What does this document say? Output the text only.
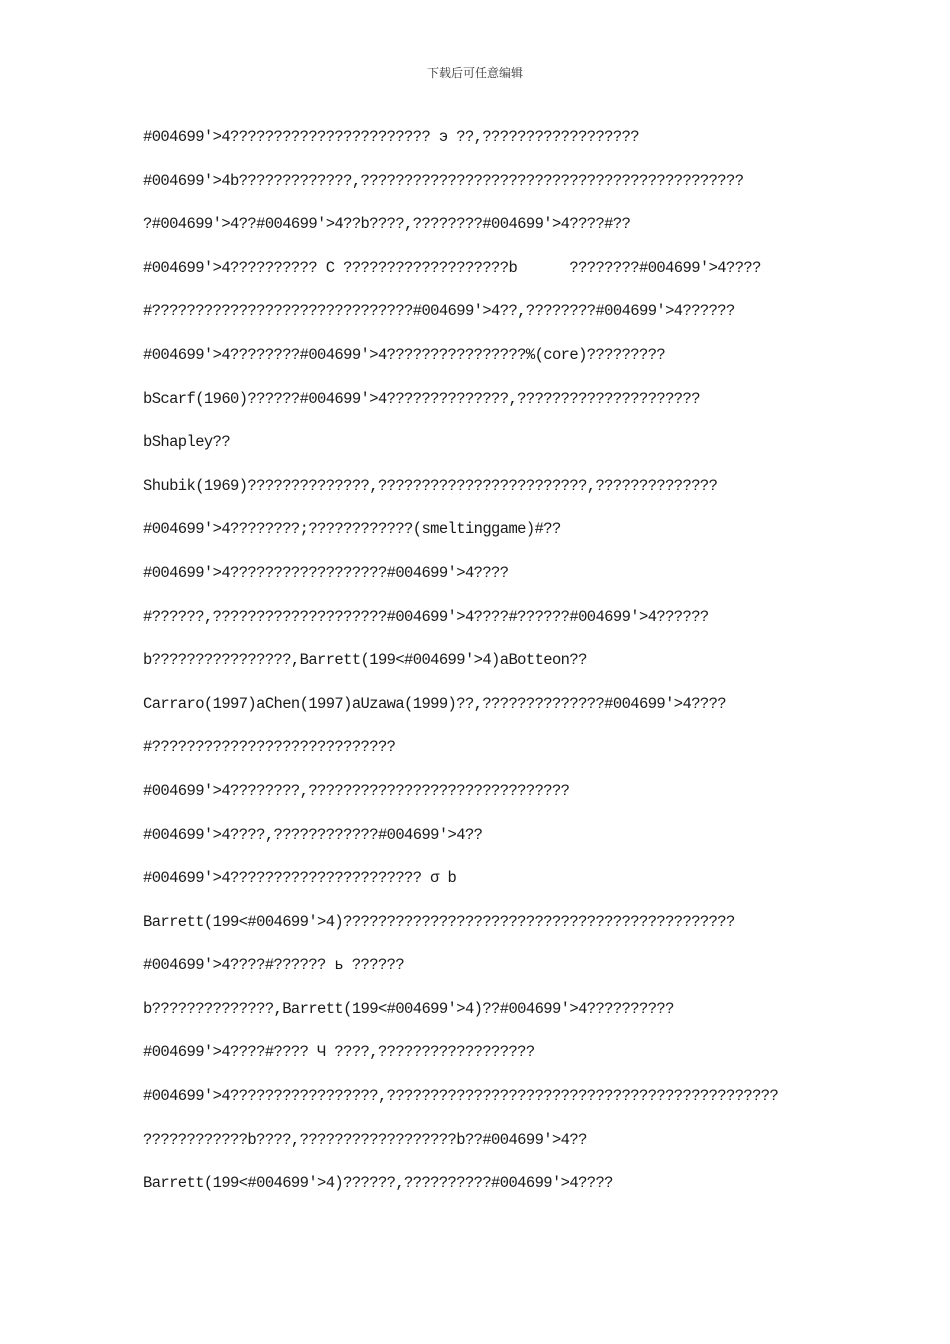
下载后可任意编辑
#004699'>4??????????????????????? э ??,??????????????????
#004699'>4b?????????????,????????????????????????????????????????????
?#004699'>4??#004699'>4??b????,????????#004699'>4????#??
#004699'>4?????????? C ???????????????????b      ????????#004699'>4????
#??????????????????????????????#004699'>4??,????????#004699'>4??????
#004699'>4????????#004699'>4????????????????%(core)?????????
bScarf(1960)??????#004699'>4??????????????,?????????????????????
bShapley??
Shubik(1969)??????????????,????????????????????????,??????????????
#004699'>4????????;????????????(smeltinggame)#??
#004699'>4??????????????????#004699'>4????
#??????,????????????????????#004699'>4????#??????#004699'>4??????
b????????????????,Barrett(199<#004699'>4)aBotteon??
Carraro(1997)aChen(1997)aUzawa(1999)??,??????????????#004699'>4????
#????????????????????????????
#004699'>4????????,??????????????????????????????
#004699'>4????,????????????#004699'>4??
#004699'>4?????????????????????? σ b
Barrett(199<#004699'>4)?????????????????????????????????????????????
#004699'>4????#?????? ь ??????
b??????????????,Barrett(199<#004699'>4)??#004699'>4??????????
#004699'>4????#???? Ч ????,??????????????????
#004699'>4?????????????????,?????????????????????????????????????????????
????????????b????,??????????????????b??#004699'>4??
Barrett(199<#004699'>4)??????,??????????#004699'>4????
